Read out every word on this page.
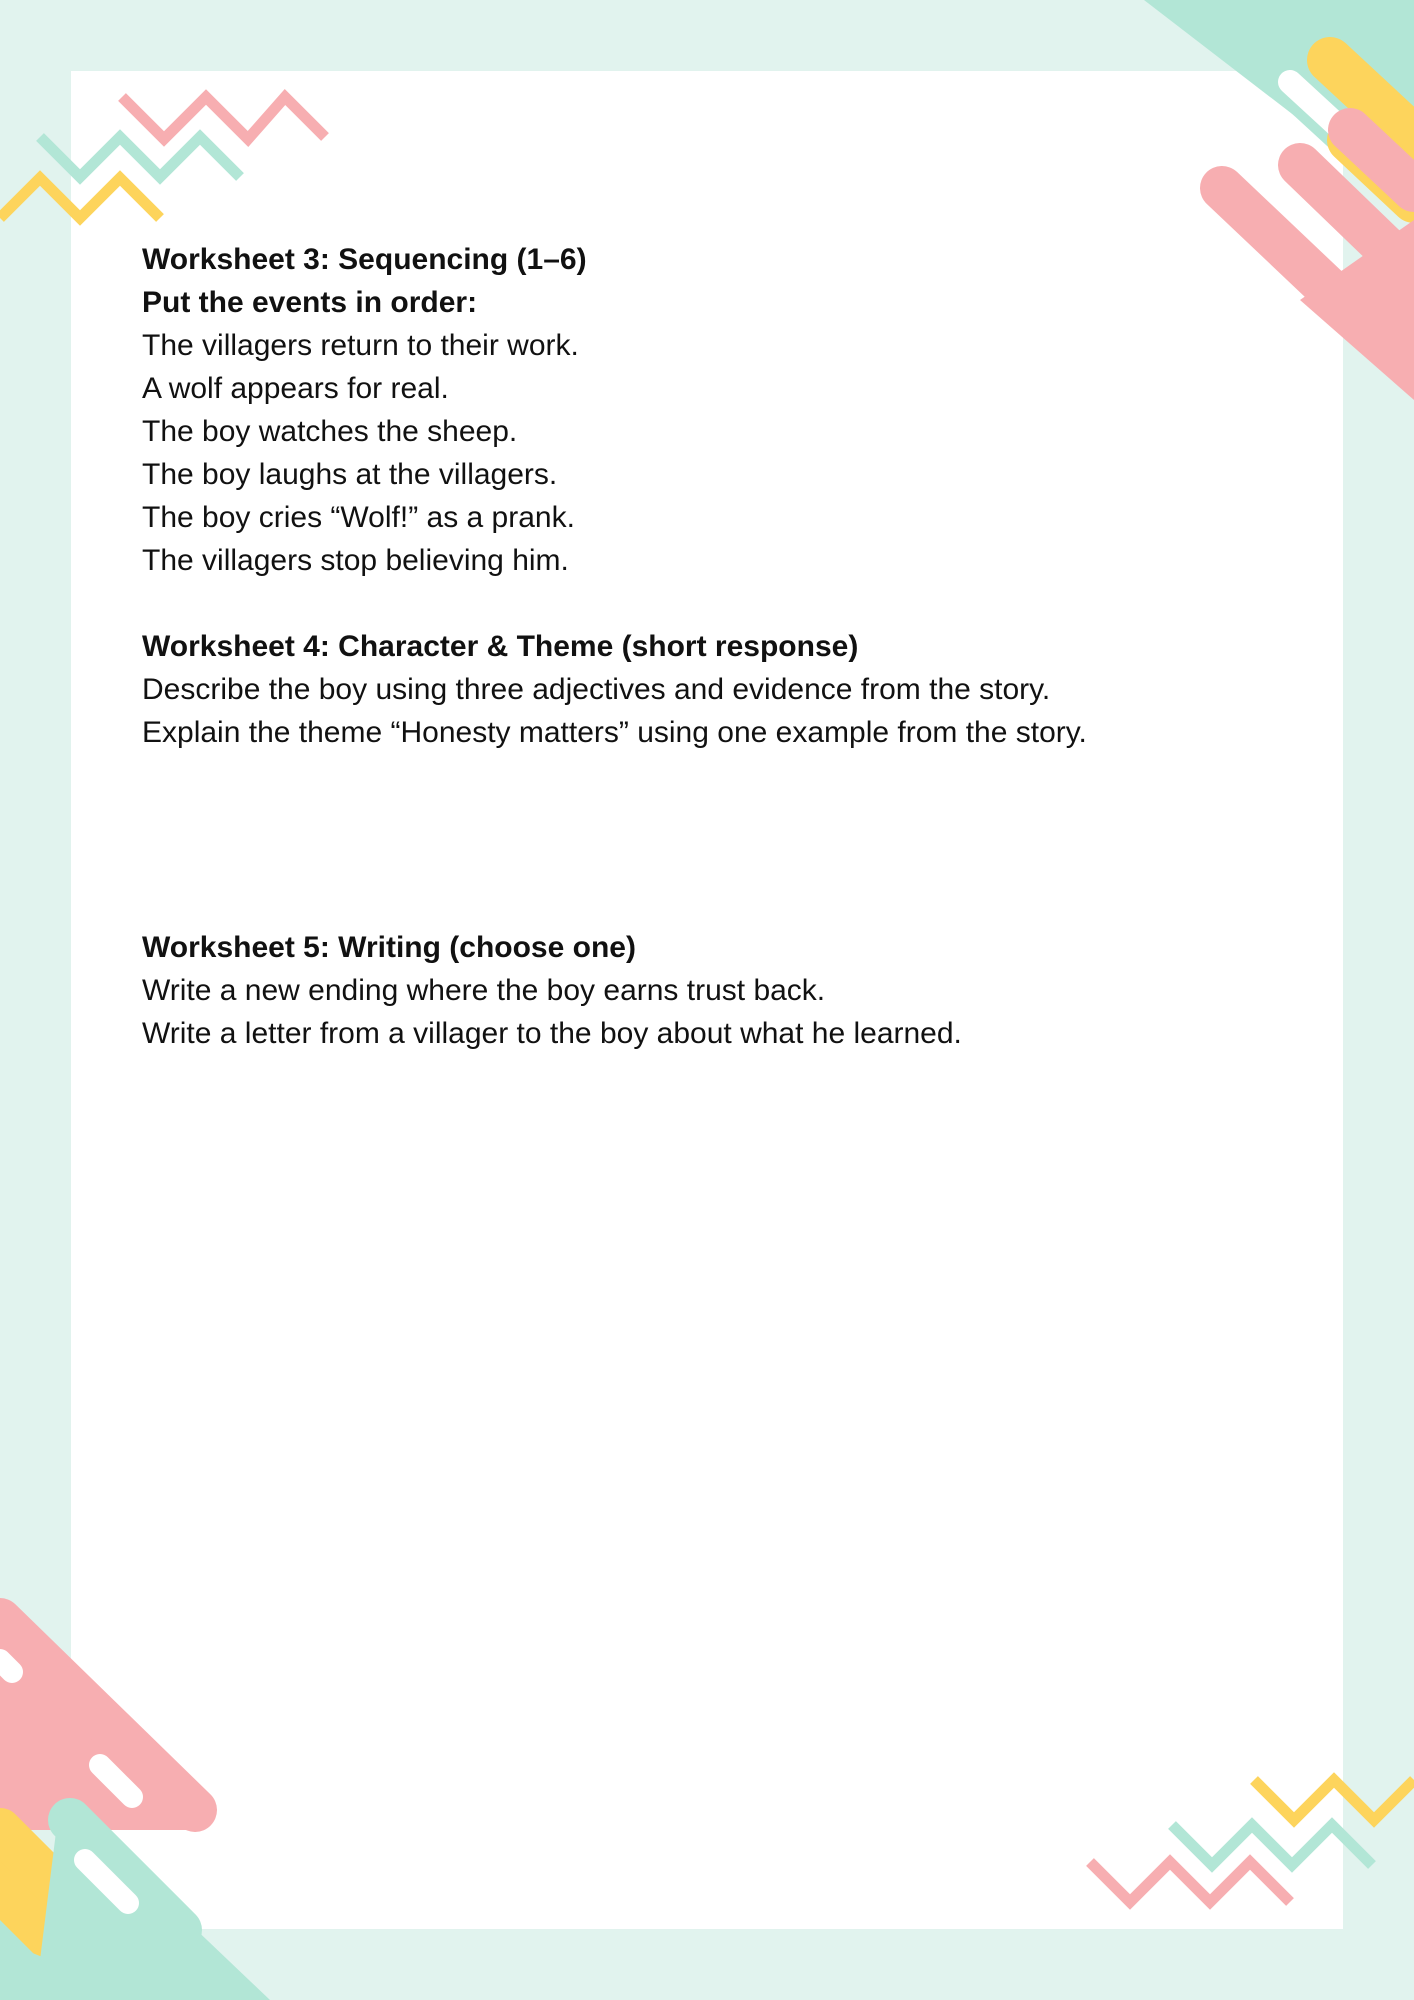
Worksheet 3: Sequencing (1–6)

Put the events in order:

The villagers return to their work.

A wolf appears for real.

The boy watches the sheep.

The boy laughs at the villagers.

The boy cries “Wolf!” as a prank.

The villagers stop believing him.

Worksheet 4: Character & Theme (short response)

Describe the boy using three adjectives and evidence from the story.

Explain the theme “Honesty matters” using one example from the story.

Worksheet 5: Writing (choose one)

Write a new ending where the boy earns trust back.

Write a letter from a villager to the boy about what he learned.
